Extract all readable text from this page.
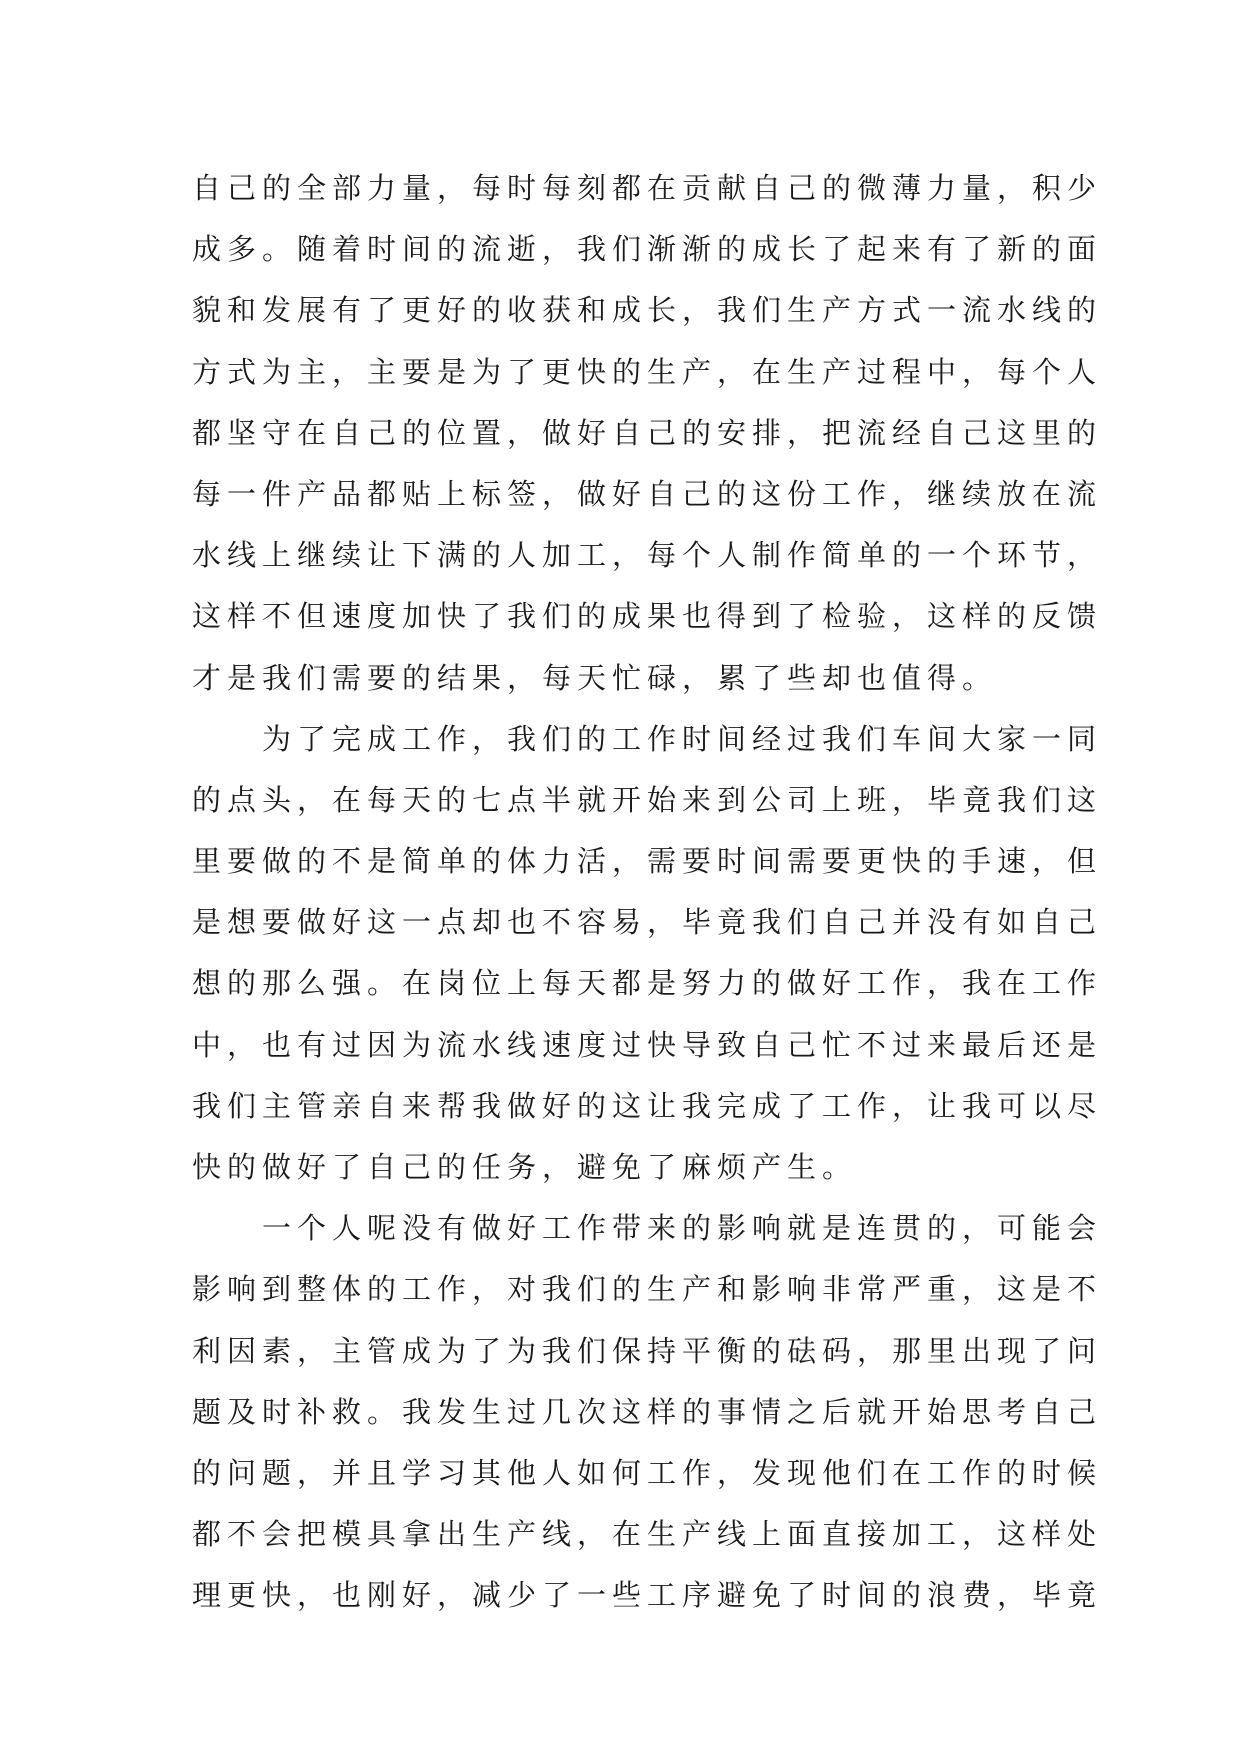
自己的全部力量，每时每刻都在贡献自己的微薄力量，积少
成多。随着时间的流逝，我们渐渐的成长了起来有了新的面
貌和发展有了更好的收获和成长，我们生产方式一流水线的
方式为主，主要是为了更快的生产，在生产过程中，每个人
都坚守在自己的位置，做好自己的安排，把流经自己这里的
每一件产品都贴上标签，做好自己的这份工作，继续放在流
水线上继续让下满的人加工，每个人制作简单的一个环节，
这样不但速度加快了我们的成果也得到了检验，这样的反馈
才是我们需要的结果，每天忙碌，累了些却也值得。
　　为了完成工作，我们的工作时间经过我们车间大家一同
的点头，在每天的七点半就开始来到公司上班，毕竟我们这
里要做的不是简单的体力活，需要时间需要更快的手速，但
是想要做好这一点却也不容易，毕竟我们自己并没有如自己
想的那么强。在岗位上每天都是努力的做好工作，我在工作
中，也有过因为流水线速度过快导致自己忙不过来最后还是
我们主管亲自来帮我做好的这让我完成了工作，让我可以尽
快的做好了自己的任务，避免了麻烦产生。
　　一个人呢没有做好工作带来的影响就是连贯的，可能会
影响到整体的工作，对我们的生产和影响非常严重，这是不
利因素，主管成为了为我们保持平衡的砝码，那里出现了问
题及时补救。我发生过几次这样的事情之后就开始思考自己
的问题，并且学习其他人如何工作，发现他们在工作的时候
都不会把模具拿出生产线，在生产线上面直接加工，这样处
理更快，也刚好，减少了一些工序避免了时间的浪费，毕竟
